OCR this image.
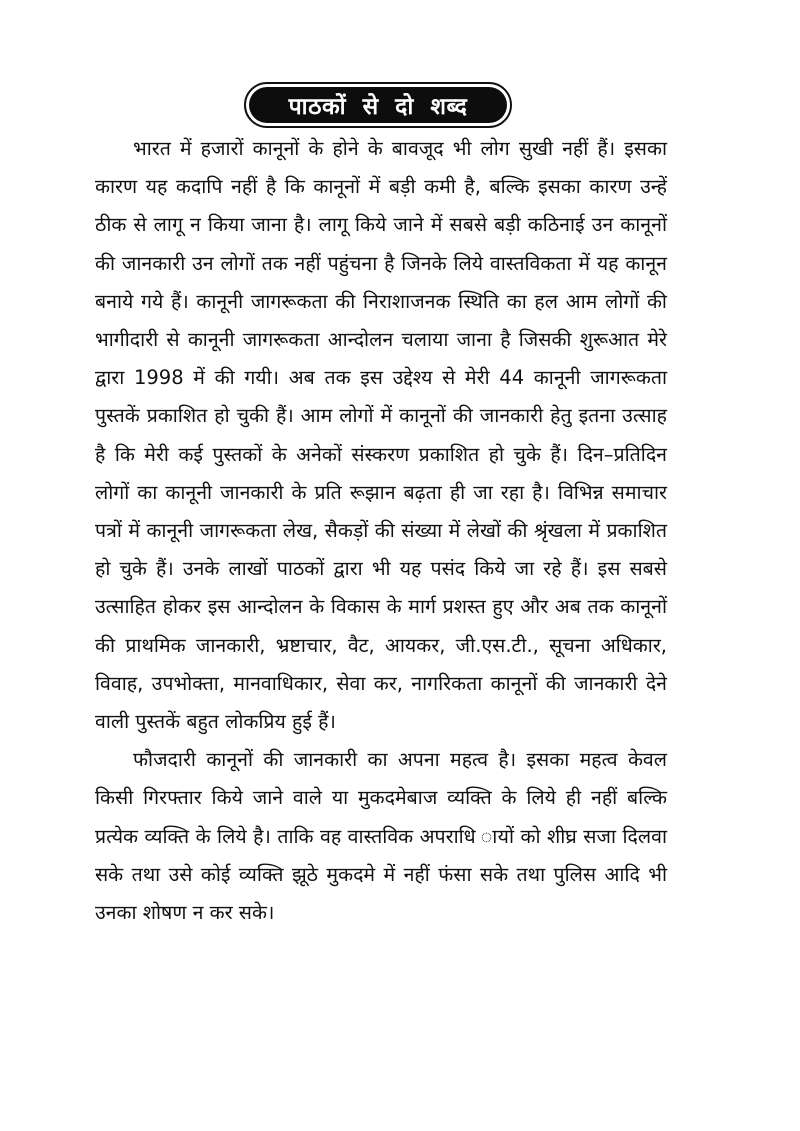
पाठकों से दो शब्द

भारत में हजारों कानूनों के होने के बावजूद भी लोग सुखी नहीं हैं। इसका कारण यह कदापि नहीं है कि कानूनों में बड़ी कमी है, बल्कि इसका कारण उन्हें ठीक से लागू न किया जाना है। लागू किये जाने में सबसे बड़ी कठिनाई उन कानूनों की जानकारी उन लोगों तक नहीं पहुंचना है जिनके लिये वास्तविकता में यह कानून बनाये गये हैं। कानूनी जागरूकता की निराशाजनक स्थिति का हल आम लोगों की भागीदारी से कानूनी जागरूकता आन्दोलन चलाया जाना है जिसकी शुरूआत मेरे द्वारा 1998 में की गयी। अब तक इस उद्देश्य से मेरी 44 कानूनी जागरूकता पुस्तकें प्रकाशित हो चुकी हैं। आम लोगों में कानूनों की जानकारी हेतु इतना उत्साह है कि मेरी कई पुस्तकों के अनेकों संस्करण प्रकाशित हो चुके हैं। दिन–प्रतिदिन लोगों का कानूनी जानकारी के प्रति रूझान बढ़ता ही जा रहा है। विभिन्न समाचार पत्रों में कानूनी जागरूकता लेख, सैकड़ों की संख्या में लेखों की श्रृंखला में प्रकाशित हो चुके हैं। उनके लाखों पाठकों द्वारा भी यह पसंद किये जा रहे हैं। इस सबसे उत्साहित होकर इस आन्दोलन के विकास के मार्ग प्रशस्त हुए और अब तक कानूनों की प्राथमिक जानकारी, भ्रष्टाचार, वैट, आयकर, जी.एस.टी., सूचना अधिकार, विवाह, उपभोक्ता, मानवाधिकार, सेवा कर, नागरिकता कानूनों की जानकारी देने वाली पुस्तकें बहुत लोकप्रिय हुई हैं।

फौजदारी कानूनों की जानकारी का अपना महत्व है। इसका महत्व केवल किसी गिरफ्तार किये जाने वाले या मुकदमेबाज व्यक्ति के लिये ही नहीं बल्कि प्रत्येक व्यक्ति के लिये है। ताकि वह वास्तविक अपराधि ायों को शीघ्र सजा दिलवा सके तथा उसे कोई व्यक्ति झूठे मुकदमे में नहीं फंसा सके तथा पुलिस आदि भी उनका शोषण न कर सके।
